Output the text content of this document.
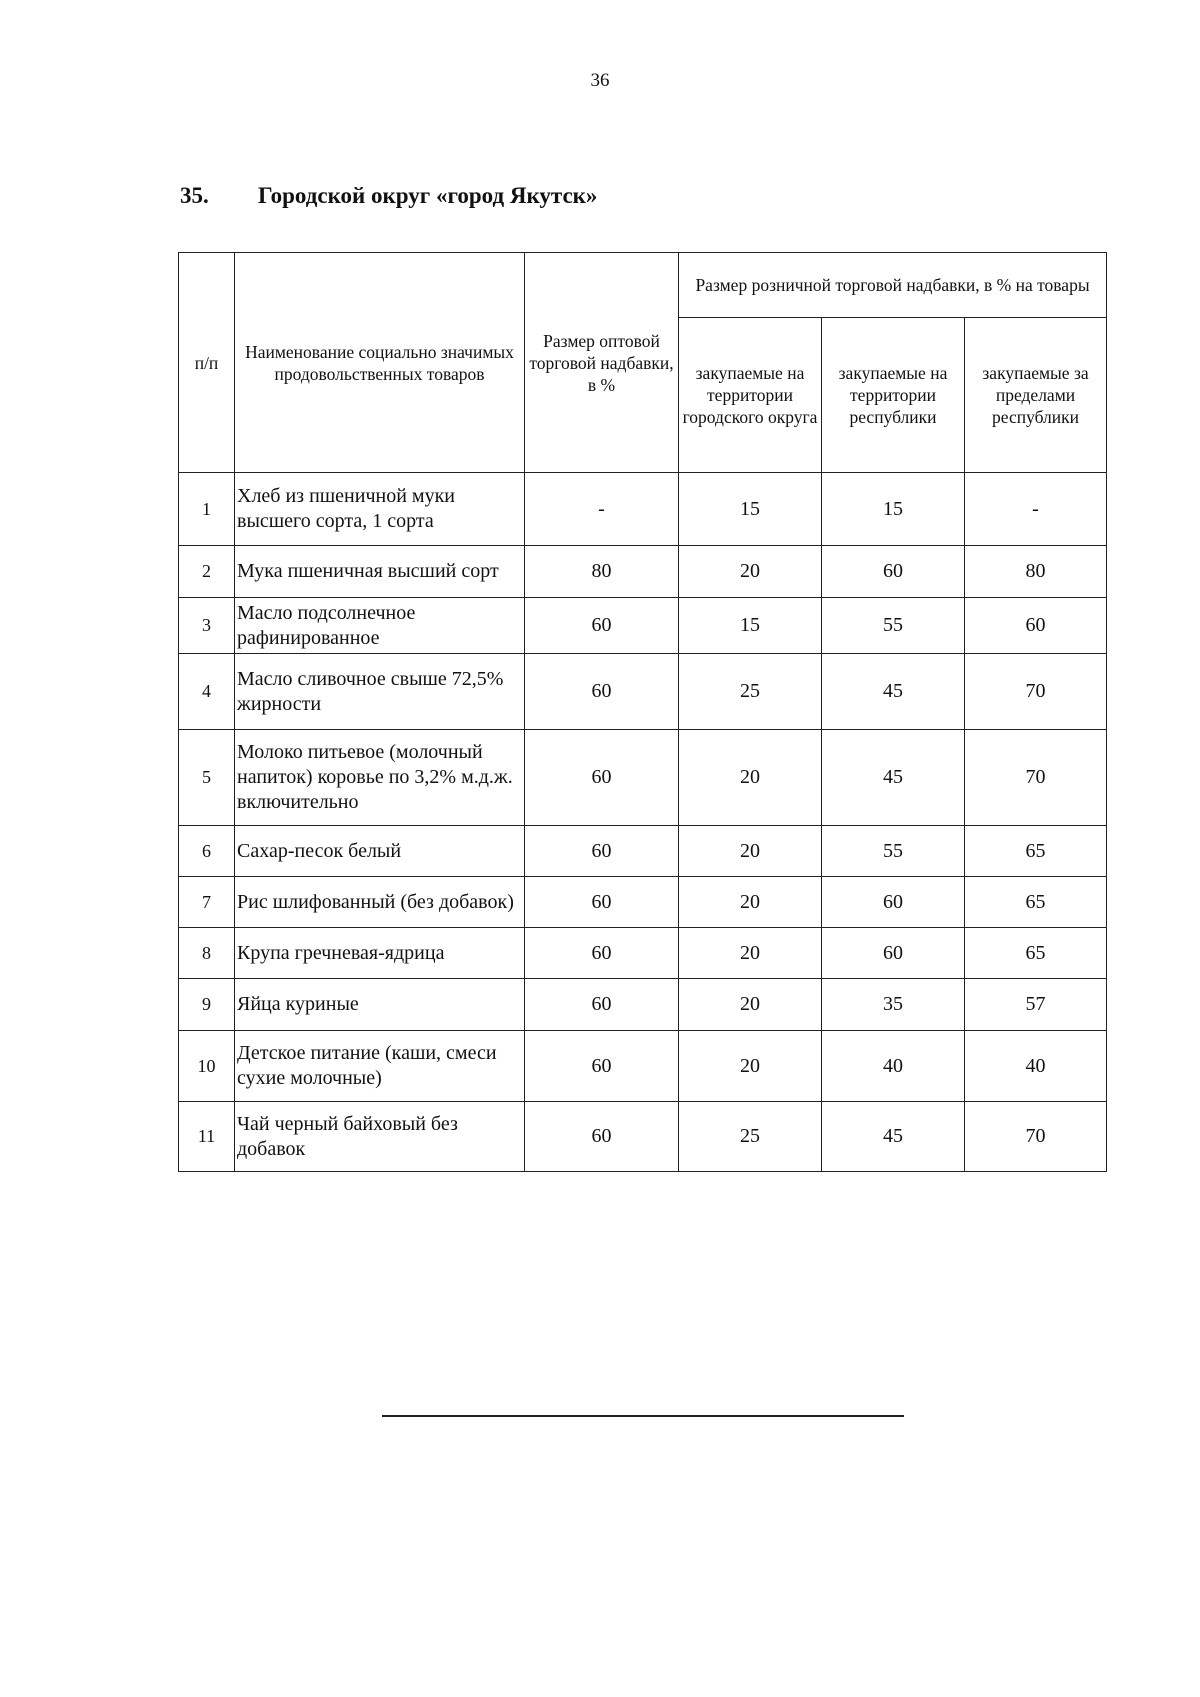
36
35. Городской округ «город Якутск»
п/п	Наименование социально значимых продовольственных товаров	Размер оптовой торговой надбавки, в %	Размер розничной торговой надбавки, в % на товары		
			закупаемые на территории городского округа	закупаемые на территории республики	закупаемые за пределами республики
1	Хлеб из пшеничной муки высшего сорта, 1 сорта	-	15	15	-
2	Мука пшеничная высший сорт	80	20	60	80
3	Масло подсолнечное рафинированное	60	15	55	60
4	Масло сливочное свыше 72,5% жирности	60	25	45	70
5	Молоко питьевое (молочный напиток) коровье по 3,2% м.д.ж. включительно	60	20	45	70
6	Сахар-песок белый	60	20	55	65
7	Рис шлифованный (без добавок)	60	20	60	65
8	Крупа гречневая-ядрица	60	20	60	65
9	Яйца куриные	60	20	35	57
10	Детское питание (каши, смеси сухие молочные)	60	20	40	40
11	Чай черный байховый без добавок	60	25	45	70
